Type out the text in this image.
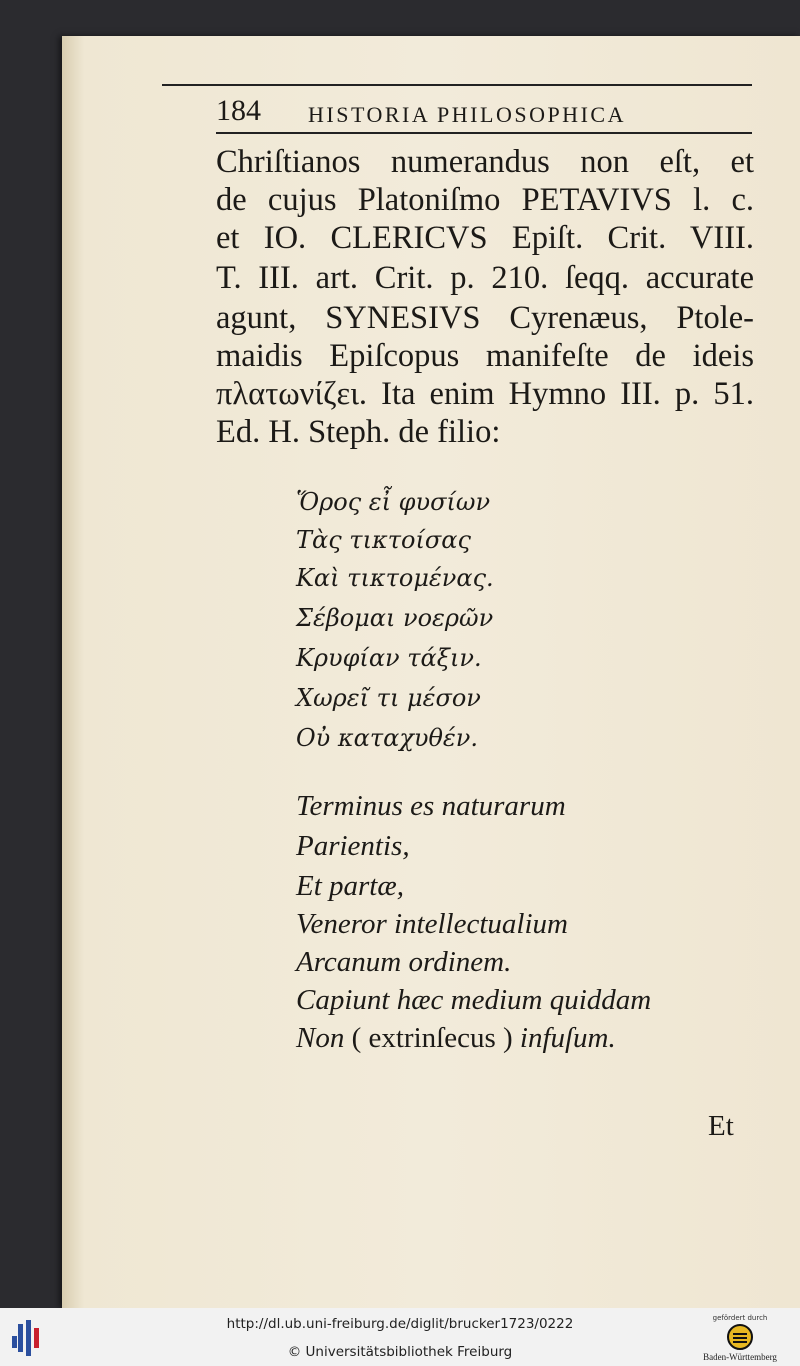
184 HISTORIA PHILOSOPHICA
Chriſtianos numerandus non eſt, et
de cujus Platoniſmo PETAVIVS l. c.
et IO. CLERICVS Epiſt. Crit. VIII.
T. III. art. Crit. p. 210. ſeqq. accurate
agunt, SYNESIVS Cyrenæus, Ptole-
maidis Epiſcopus manifeſte de ideis
πλατωνίζει. Ita enim Hymno III. p. 51.
Ed. H. Steph. de filio:
Ὅρος εἶ φυσίων
Τὰς τικτοίσας
Καὶ τικτομένας.
Σέβομαι νοερῶν
Κρυφίαν τάξιν.
Χωρεῖ τι μέσον
Οὐ καταχυθέν.
Terminus es naturarum
Parientis,
Et partæ,
Veneror intellectualium
Arcanum ordinem.
Capiunt hæc medium quiddam
Non ( extrinſecus ) infuſum.
Et
http://dl.ub.uni-freiburg.de/diglit/brucker1723/0222
© Universitätsbibliothek Freiburg
gefördert durch
Baden-Württemberg
